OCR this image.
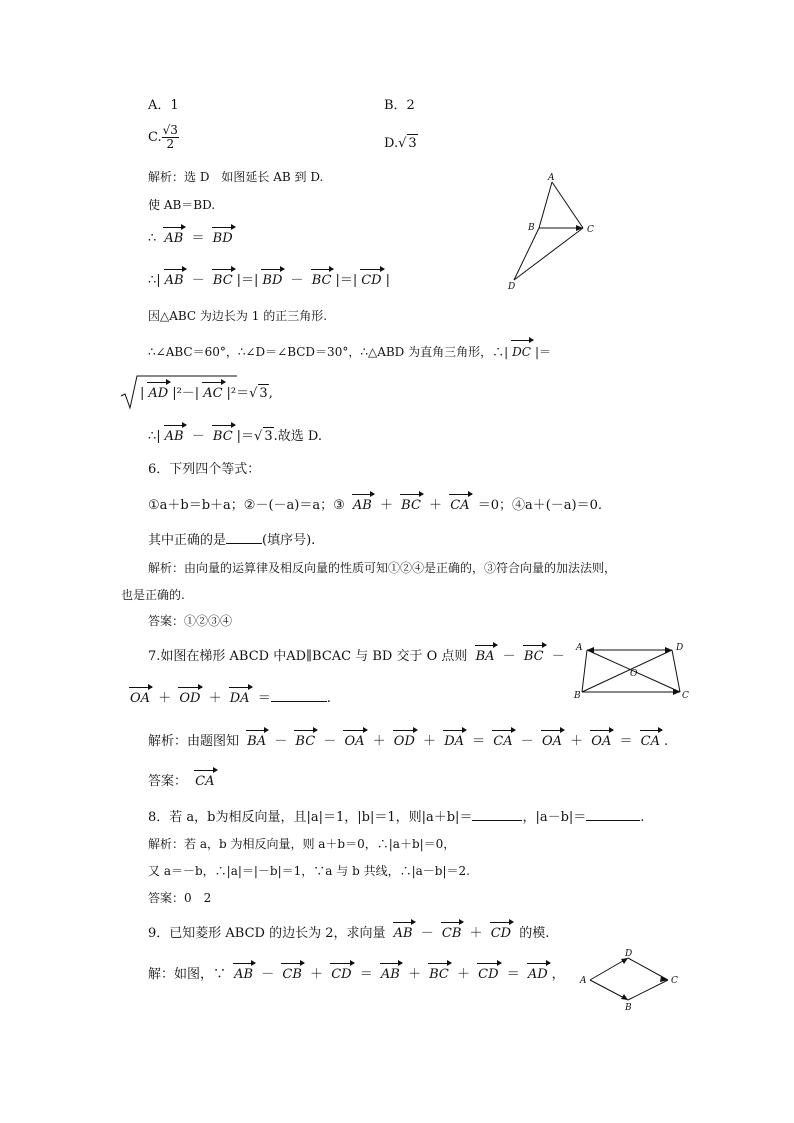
A．1	B．2
C. $\frac{√3}{2}$	D.√ 3
解析：选 D　如图延长 AB 到 D.
使 AB＝BD.
∴ AB ＝ BD
∴| AB － BC |＝| BD － BC |＝| CD |
因△ABC 为边长为 1 的正三角形.
∴∠ABC＝60°，∴∠D＝∠BCD＝30°，∴△ABD 为直角三角形，∴| DC |＝
| AD |²－| AC |²＝√ 3,
∴| AB － BC |＝√ 3.故选 D.
A
B	C
D
6．下列四个等式：
①a＋b＝b＋a；②－(－a)＝a；③ AB ＋ BC ＋ CA ＝0；④a＋(－a)＝0.
其中正确的是	(填序号).
解析：由向量的运算律及相反向量的性质可知①②④是正确的，③符合向量的加法法则，
也是正确的.
答案：①②③④
7.如图在梯形 ABCD 中AD∥BCAC 与 BD 交于 O 点则 BA － BC －
OA ＋ OD ＋ DA ＝	.
A	D
O
B	C
解析：由题图知 BA － BC － OA ＋ OD ＋ DA ＝ CA － OA ＋ OA ＝ CA .
答案： CA
8．若 a，b为相反向量，且|a|＝1，|b|＝1，则|a＋b|＝	，|a－b|＝	.
解析：若 a，b 为相反向量，则 a＋b＝0，∴|a＋b|＝0，
又 a＝－b，∴|a|＝|－b|＝1，∵a 与 b 共线，∴|a－b|＝2.
答案：0　2
9．已知菱形 ABCD 的边长为 2，求向量 AB － CB ＋ CD 的模.
解：如图，∵ AB － CB ＋ CD ＝ AB ＋ BC ＋ CD ＝ AD ，
D
A	C
B
